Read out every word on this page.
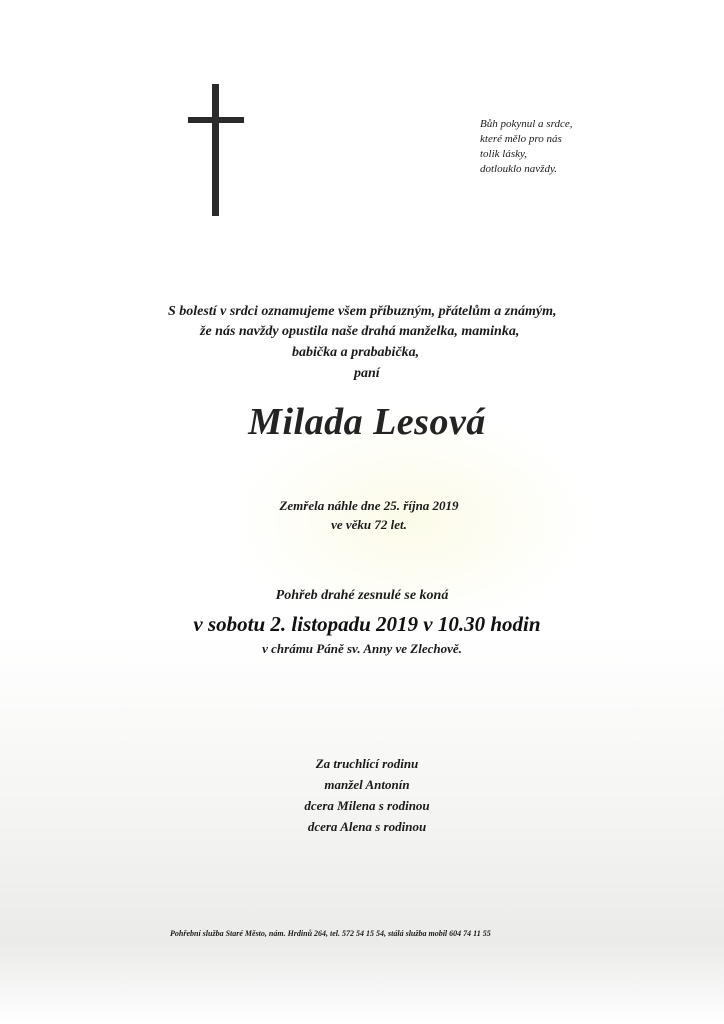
Bůh pokynul a srdce,
které mělo pro nás
tolik lásky,
dotlouklo navždy.
S bolestí v srdci oznamujeme všem příbuzným, přátelům a známým,
že nás navždy opustila naše drahá manželka, maminka,
babička a prababička,
paní
Milada Lesová
Zemřela náhle dne 25. října 2019
ve věku 72 let.
Pohřeb drahé zesnulé se koná
v sobotu 2. listopadu 2019 v 10.30 hodin
v chrámu Páně sv. Anny ve Zlechově.
Za truchlící rodinu
manžel Antonín
dcera Milena s rodinou
dcera Alena s rodinou
Pohřební služba Staré Město, nám. Hrdinů 264, tel. 572 54 15 54, stálá služba mobil 604 74 11 55
